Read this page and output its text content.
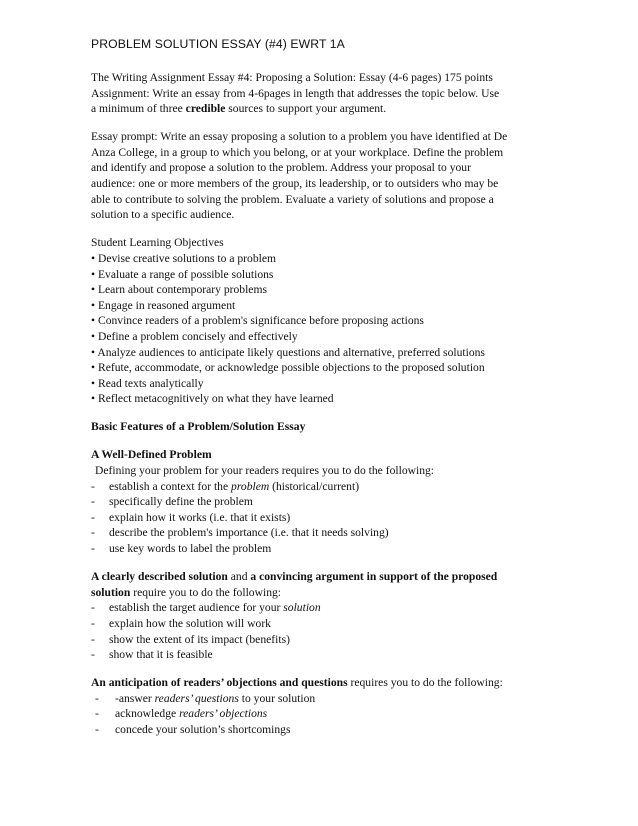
PROBLEM SOLUTION ESSAY (#4) EWRT 1A
The Writing Assignment Essay #4: Proposing a Solution: Essay (4-6 pages) 175 points
Assignment: Write an essay from 4-6pages in length that addresses the topic below. Use
a minimum of three credible sources to support your argument.
Essay prompt: Write an essay proposing a solution to a problem you have identified at De
Anza College, in a group to which you belong, or at your workplace. Define the problem
and identify and propose a solution to the problem. Address your proposal to your
audience: one or more members of the group, its leadership, or to outsiders who may be
able to contribute to solving the problem. Evaluate a variety of solutions and propose a
solution to a specific audience.
Student Learning Objectives
• Devise creative solutions to a problem
• Evaluate a range of possible solutions
• Learn about contemporary problems
• Engage in reasoned argument
• Convince readers of a problem's significance before proposing actions
• Define a problem concisely and effectively
• Analyze audiences to anticipate likely questions and alternative, preferred solutions
• Refute, accommodate, or acknowledge possible objections to the proposed solution
• Read texts analytically
• Reflect metacognitively on what they have learned
Basic Features of a Problem/Solution Essay
A Well-Defined Problem
Defining your problem for your readers requires you to do the following:
- establish a context for the problem (historical/current)
- specifically define the problem
- explain how it works (i.e. that it exists)
- describe the problem's importance (i.e. that it needs solving)
- use key words to label the problem
A clearly described solution and a convincing argument in support of the proposed
solution require you to do the following:
- establish the target audience for your solution
- explain how the solution will work
- show the extent of its impact (benefits)
- show that it is feasible
An anticipation of readers’ objections and questions requires you to do the following:
- -answer readers’ questions to your solution
- acknowledge readers’ objections
- concede your solution’s shortcomings
